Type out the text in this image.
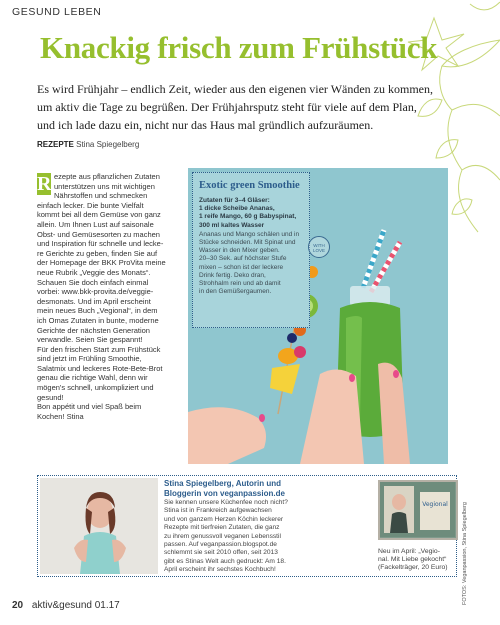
GESUND LEBEN
Knackig frisch zum Frühstück
Es wird Frühjahr – endlich Zeit, wieder aus den eigenen vier Wänden zu kommen,
um aktiv die Tage zu begrüßen. Der Frühjahrsputz steht für viele auf dem Plan,
und ich lade dazu ein, nicht nur das Haus mal gründlich aufzuräumen.
REZEPTE Stina Spiegelberg
R ezepte aus pflanzlichen Zutaten
unterstützen uns mit wichtigen
Nährstoffen und schmecken
einfach lecker. Die bunte Vielfalt
kommt bei all dem Gemüse von ganz
allein. Um Ihnen Lust auf saisonale
Obst- und Gemüsesorten zu machen
und Inspiration für schnelle und lecke-
re Gerichte zu geben, finden Sie auf
der Homepage der BKK ProVita meine
neue Rubrik „Veggie des Monats“.
Schauen Sie doch einfach einmal
vorbei: www.bkk-provita.de/veggie-
desmonats. Und im April erscheint
mein neues Buch „Vegional“, in dem
ich Omas Zutaten in bunte, moderne
Gerichte der nächsten Generation
verwandle. Seien Sie gespannt!
Für den frischen Start zum Frühstück
sind jetzt im Frühling Smoothie,
Salatmix und leckeres Rote-Bete-Brot
genau die richtige Wahl, denn wir
mögen's schnell, unkompliziert und
gesund!
Bon appétit und viel Spaß beim
Kochen! Stina
Exotic green Smoothie
Zutaten für 3–4 Gläser:
1 dicke Scheibe Ananas,
1 reife Mango, 60 g Babyspinat,
300 ml kaltes Wasser
Ananas und Mango schälen und in
Stücke schneiden. Mit Spinat und
Wasser in den Mixer geben.
20–30 Sek. auf höchster Stufe
mixen – schon ist der leckere
Drink fertig. Deko dran,
Strohhalm rein und ab damit
in den Gemüßergaumen.
WITH
LOVE
Stina Spiegelberg, Autorin und
Bloggerin von veganpassion.de
Sie kennen unsere Küchenfee noch nicht?
Stina ist in Frankreich aufgewachsen
und von ganzem Herzen Köchin leckerer
Rezepte mit tierfreien Zutaten, die ganz
zu ihrem genussvoll veganen Lebensstil
passen. Auf veganpassion.blogspot.de
schlemmt sie seit 2010 offen, seit 2013
gibt es Stinas Welt auch gedruckt: Am 18.
April erscheint ihr sechstes Kochbuch!
Vegional
Neu im April: „Vegio-
nal. Mit Liebe gekocht“
(Fackelträger, 20 Euro)	FOTOS: Veganpassion, Stina Spiegelberg
20 aktiv&gesund 01.17
